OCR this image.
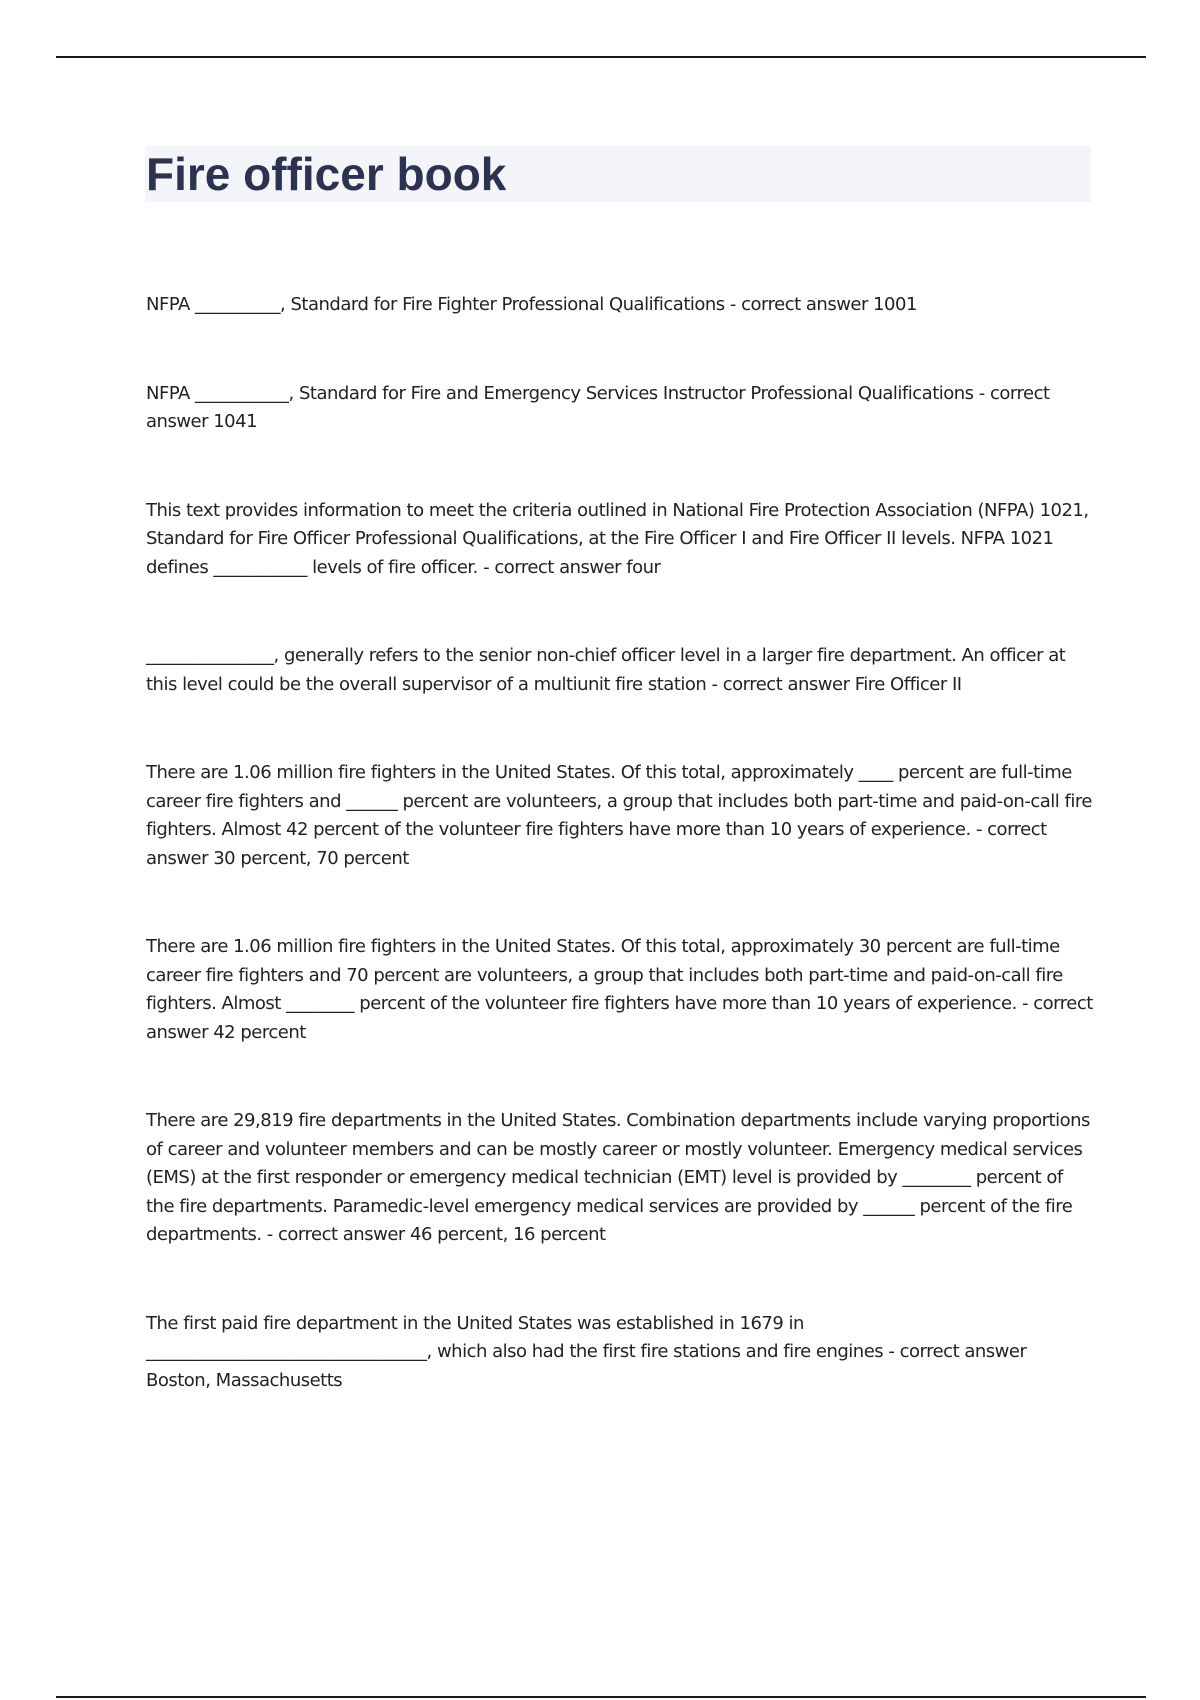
Fire officer book

NFPA __________, Standard for Fire Fighter Professional Qualifications - correct answer 1001

NFPA ___________, Standard for Fire and Emergency Services Instructor Professional Qualifications - correct answer 1041

This text provides information to meet the criteria outlined in National Fire Protection Association (NFPA) 1021, Standard for Fire Officer Professional Qualifications, at the Fire Officer I and Fire Officer II levels. NFPA 1021 defines ___________ levels of fire officer. - correct answer four

_______________, generally refers to the senior non-chief officer level in a larger fire department. An officer at this level could be the overall supervisor of a multiunit fire station - correct answer Fire Officer II

There are 1.06 million fire fighters in the United States. Of this total, approximately ____ percent are full-time career fire fighters and ______ percent are volunteers, a group that includes both part-time and paid-on-call fire fighters. Almost 42 percent of the volunteer fire fighters have more than 10 years of experience. - correct answer 30 percent, 70 percent

There are 1.06 million fire fighters in the United States. Of this total, approximately 30 percent are full-time career fire fighters and 70 percent are volunteers, a group that includes both part-time and paid-on-call fire fighters. Almost ________ percent of the volunteer fire fighters have more than 10 years of experience. - correct answer 42 percent

There are 29,819 fire departments in the United States. Combination departments include varying proportions of career and volunteer members and can be mostly career or mostly volunteer. Emergency medical services (EMS) at the first responder or emergency medical technician (EMT) level is provided by ________ percent of the fire departments. Paramedic-level emergency medical services are provided by ______ percent of the fire departments. - correct answer 46 percent, 16 percent

The first paid fire department in the United States was established in 1679 in _________________________________, which also had the first fire stations and fire engines - correct answer Boston, Massachusetts
